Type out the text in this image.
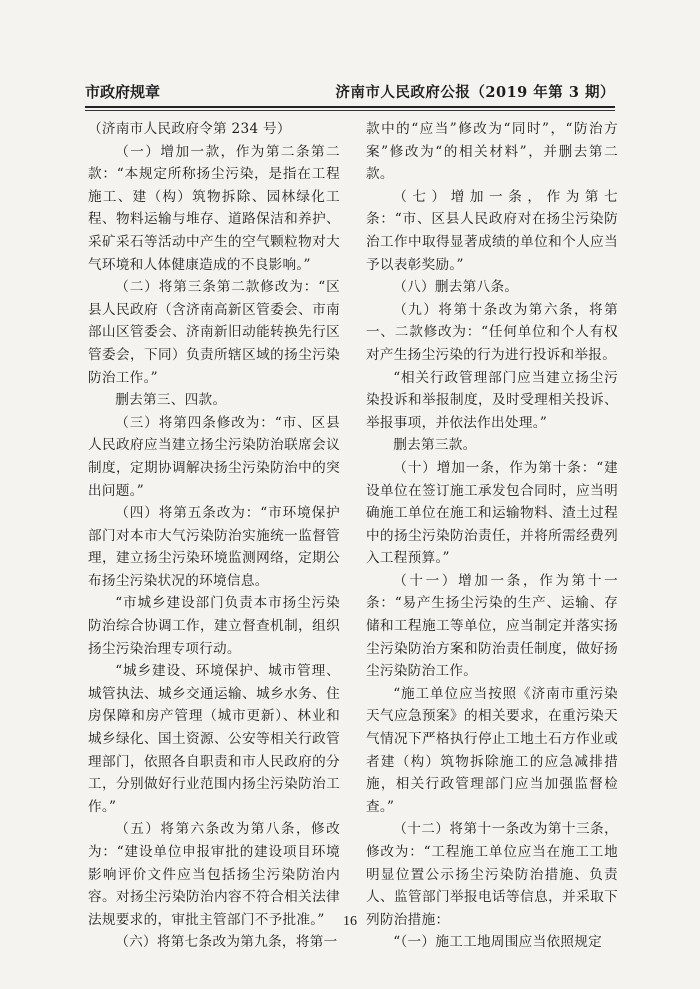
市政府规章	济南市人民政府公报（2019 年第 3 期）

（济南市人民政府令第 234 号）

（一）增加一款，作为第二条第二款：“本规定所称扬尘污染，是指在工程施工、建（构）筑物拆除、园林绿化工程、物料运输与堆存、道路保洁和养护、采矿采石等活动中产生的空气颗粒物对大气环境和人体健康造成的不良影响。”

（二）将第三条第二款修改为：“区县人民政府（含济南高新区管委会、市南部山区管委会、济南新旧动能转换先行区管委会，下同）负责所辖区域的扬尘污染防治工作。”

删去第三、四款。

（三）将第四条修改为：“市、区县人民政府应当建立扬尘污染防治联席会议制度，定期协调解决扬尘污染防治中的突出问题。”

（四）将第五条改为：“市环境保护部门对本市大气污染防治实施统一监督管理，建立扬尘污染环境监测网络，定期公布扬尘污染状况的环境信息。

“市城乡建设部门负责本市扬尘污染防治综合协调工作，建立督查机制，组织扬尘污染治理专项行动。

“城乡建设、环境保护、城市管理、城管执法、城乡交通运输、城乡水务、住房保障和房产管理（城市更新）、林业和城乡绿化、国土资源、公安等相关行政管理部门，依照各自职责和市人民政府的分工，分别做好行业范围内扬尘污染防治工作。”

（五）将第六条改为第八条，修改为：“建设单位申报审批的建设项目环境影响评价文件应当包括扬尘污染防治内容。对扬尘污染防治内容不符合相关法律法规要求的，审批主管部门不予批准。”

（六）将第七条改为第九条，将第一

款中的“应当”修改为“同时”，“防治方案”修改为“的相关材料”，并删去第二款。

（七）增加一条，作为第七条：“市、区县人民政府对在扬尘污染防治工作中取得显著成绩的单位和个人应当予以表彰奖励。”

（八）删去第八条。

（九）将第十条改为第六条，将第一、二款修改为：“任何单位和个人有权对产生扬尘污染的行为进行投诉和举报。

“相关行政管理部门应当建立扬尘污染投诉和举报制度，及时受理相关投诉、举报事项，并依法作出处理。”

删去第三款。

（十）增加一条，作为第十条：“建设单位在签订施工承发包合同时，应当明确施工单位在施工和运输物料、渣土过程中的扬尘污染防治责任，并将所需经费列入工程预算。”

（十一）增加一条，作为第十一条：“易产生扬尘污染的生产、运输、存储和工程施工等单位，应当制定并落实扬尘污染防治方案和防治责任制度，做好扬尘污染防治工作。

“施工单位应当按照《济南市重污染天气应急预案》的相关要求，在重污染天气情况下严格执行停止工地土石方作业或者建（构）筑物拆除施工的应急减排措施，相关行政管理部门应当加强监督检查。”

（十二）将第十一条改为第十三条，修改为：“工程施工单位应当在施工工地明显位置公示扬尘污染防治措施、负责人、监管部门举报电话等信息，并采取下列防治措施：

“（一）施工工地周围应当依照规定

16
